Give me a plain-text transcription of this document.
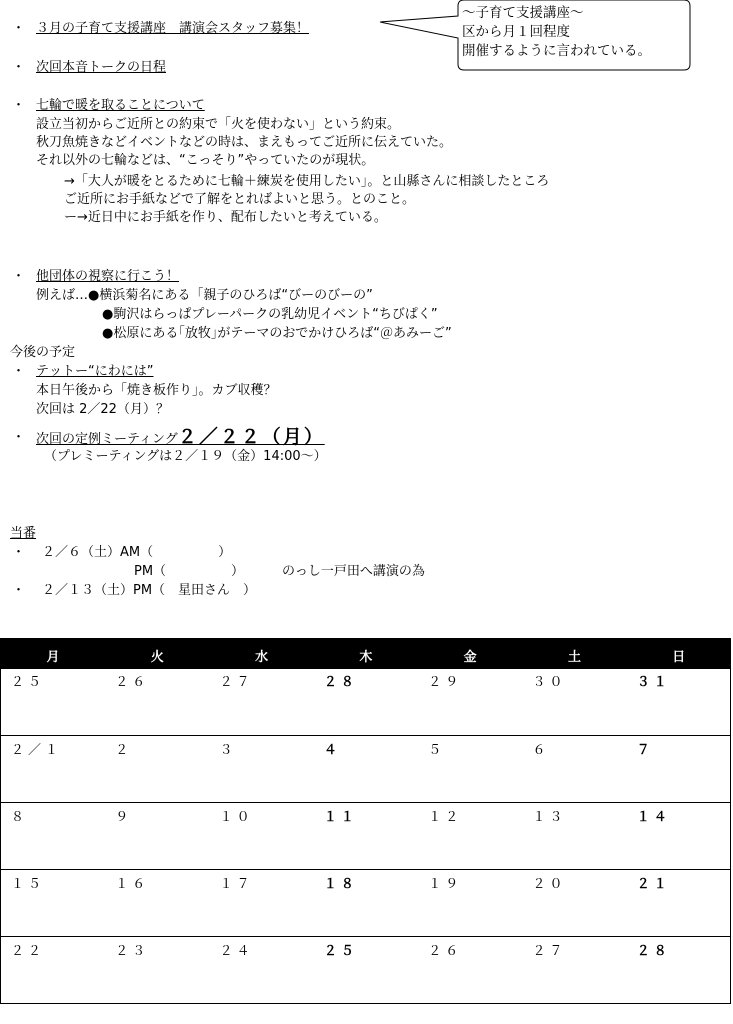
〜子育て支援講座〜
区から月１回程度
開催するように言われている。
・ ３月の子育て支援講座　講演会スタッフ募集！
・ 次回本音トークの日程
・ 七輪で暖を取ることについて
設立当初からご近所との約束で「火を使わない」という約束。
秋刀魚焼きなどイベントなどの時は、まえもってご近所に伝えていた。
それ以外の七輪などは、“こっそり”やっていたのが現状。
→「大人が暖をとるために七輪＋練炭を使用したい」。と山縣さんに相談したところ
ご近所にお手紙などで了解をとればよいと思う。とのこと。
ー→近日中にお手紙を作り、配布したいと考えている。
・ 他団体の視察に行こう！
例えば…●横浜菊名にある「親子のひろば“びーのびーの”
●駒沢はらっぱプレーパークの乳幼児イベント“ちびぱく”
●松原にある｢放牧｣がテーマのおでかけひろば“＠あみーご”
今後の予定
・ テットー“にわには”
本日午後から「焼き板作り」。カブ収穫？
次回は 2／22（月）？
・ 次回の定例ミーティング２／２２（月）
（プレミーティングは２／１９（金）14:00〜）
当番
・ ２／６（土）AM（　　　　　）
PM（　　　　　）	のっし一戸田へ講演の為
・ ２／１３（土）PM（　星田さん　）
月	火	水	木	金	土	日
２５	２６	２７	２８	２９	３０	３１
２／１	２	３	４	５	６	７
８	９	１０	１１	１２	１３	１４
１５	１６	１７	１８	１９	２０	２１
２２	２３	２４	２５	２６	２７	２８
